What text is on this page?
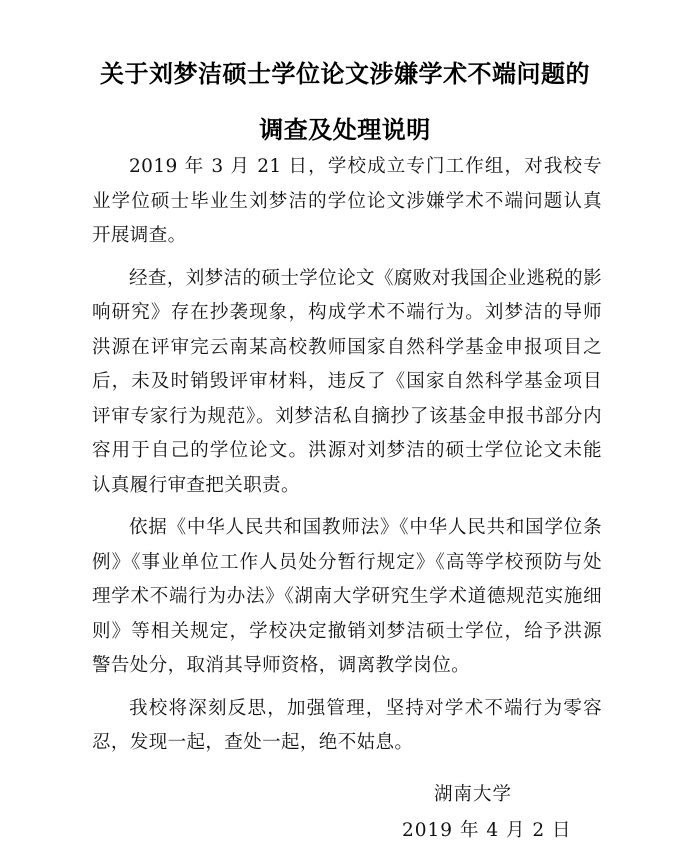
关于刘梦洁硕士学位论文涉嫌学术不端问题的
调查及处理说明

2019 年 3 月 21 日，学校成立专门工作组，对我校专业学位硕士毕业生刘梦洁的学位论文涉嫌学术不端问题认真开展调查。

经查，刘梦洁的硕士学位论文《腐败对我国企业逃税的影响研究》存在抄袭现象，构成学术不端行为。刘梦洁的导师洪源在评审完云南某高校教师国家自然科学基金申报项目之后，未及时销毁评审材料，违反了《国家自然科学基金项目评审专家行为规范》。刘梦洁私自摘抄了该基金申报书部分内容用于自己的学位论文。洪源对刘梦洁的硕士学位论文未能认真履行审查把关职责。

依据《中华人民共和国教师法》《中华人民共和国学位条例》《事业单位工作人员处分暂行规定》《高等学校预防与处理学术不端行为办法》《湖南大学研究生学术道德规范实施细则》等相关规定，学校决定撤销刘梦洁硕士学位，给予洪源警告处分，取消其导师资格，调离教学岗位。

我校将深刻反思，加强管理，坚持对学术不端行为零容忍，发现一起，查处一起，绝不姑息。

湖南大学
2019 年 4 月 2 日
